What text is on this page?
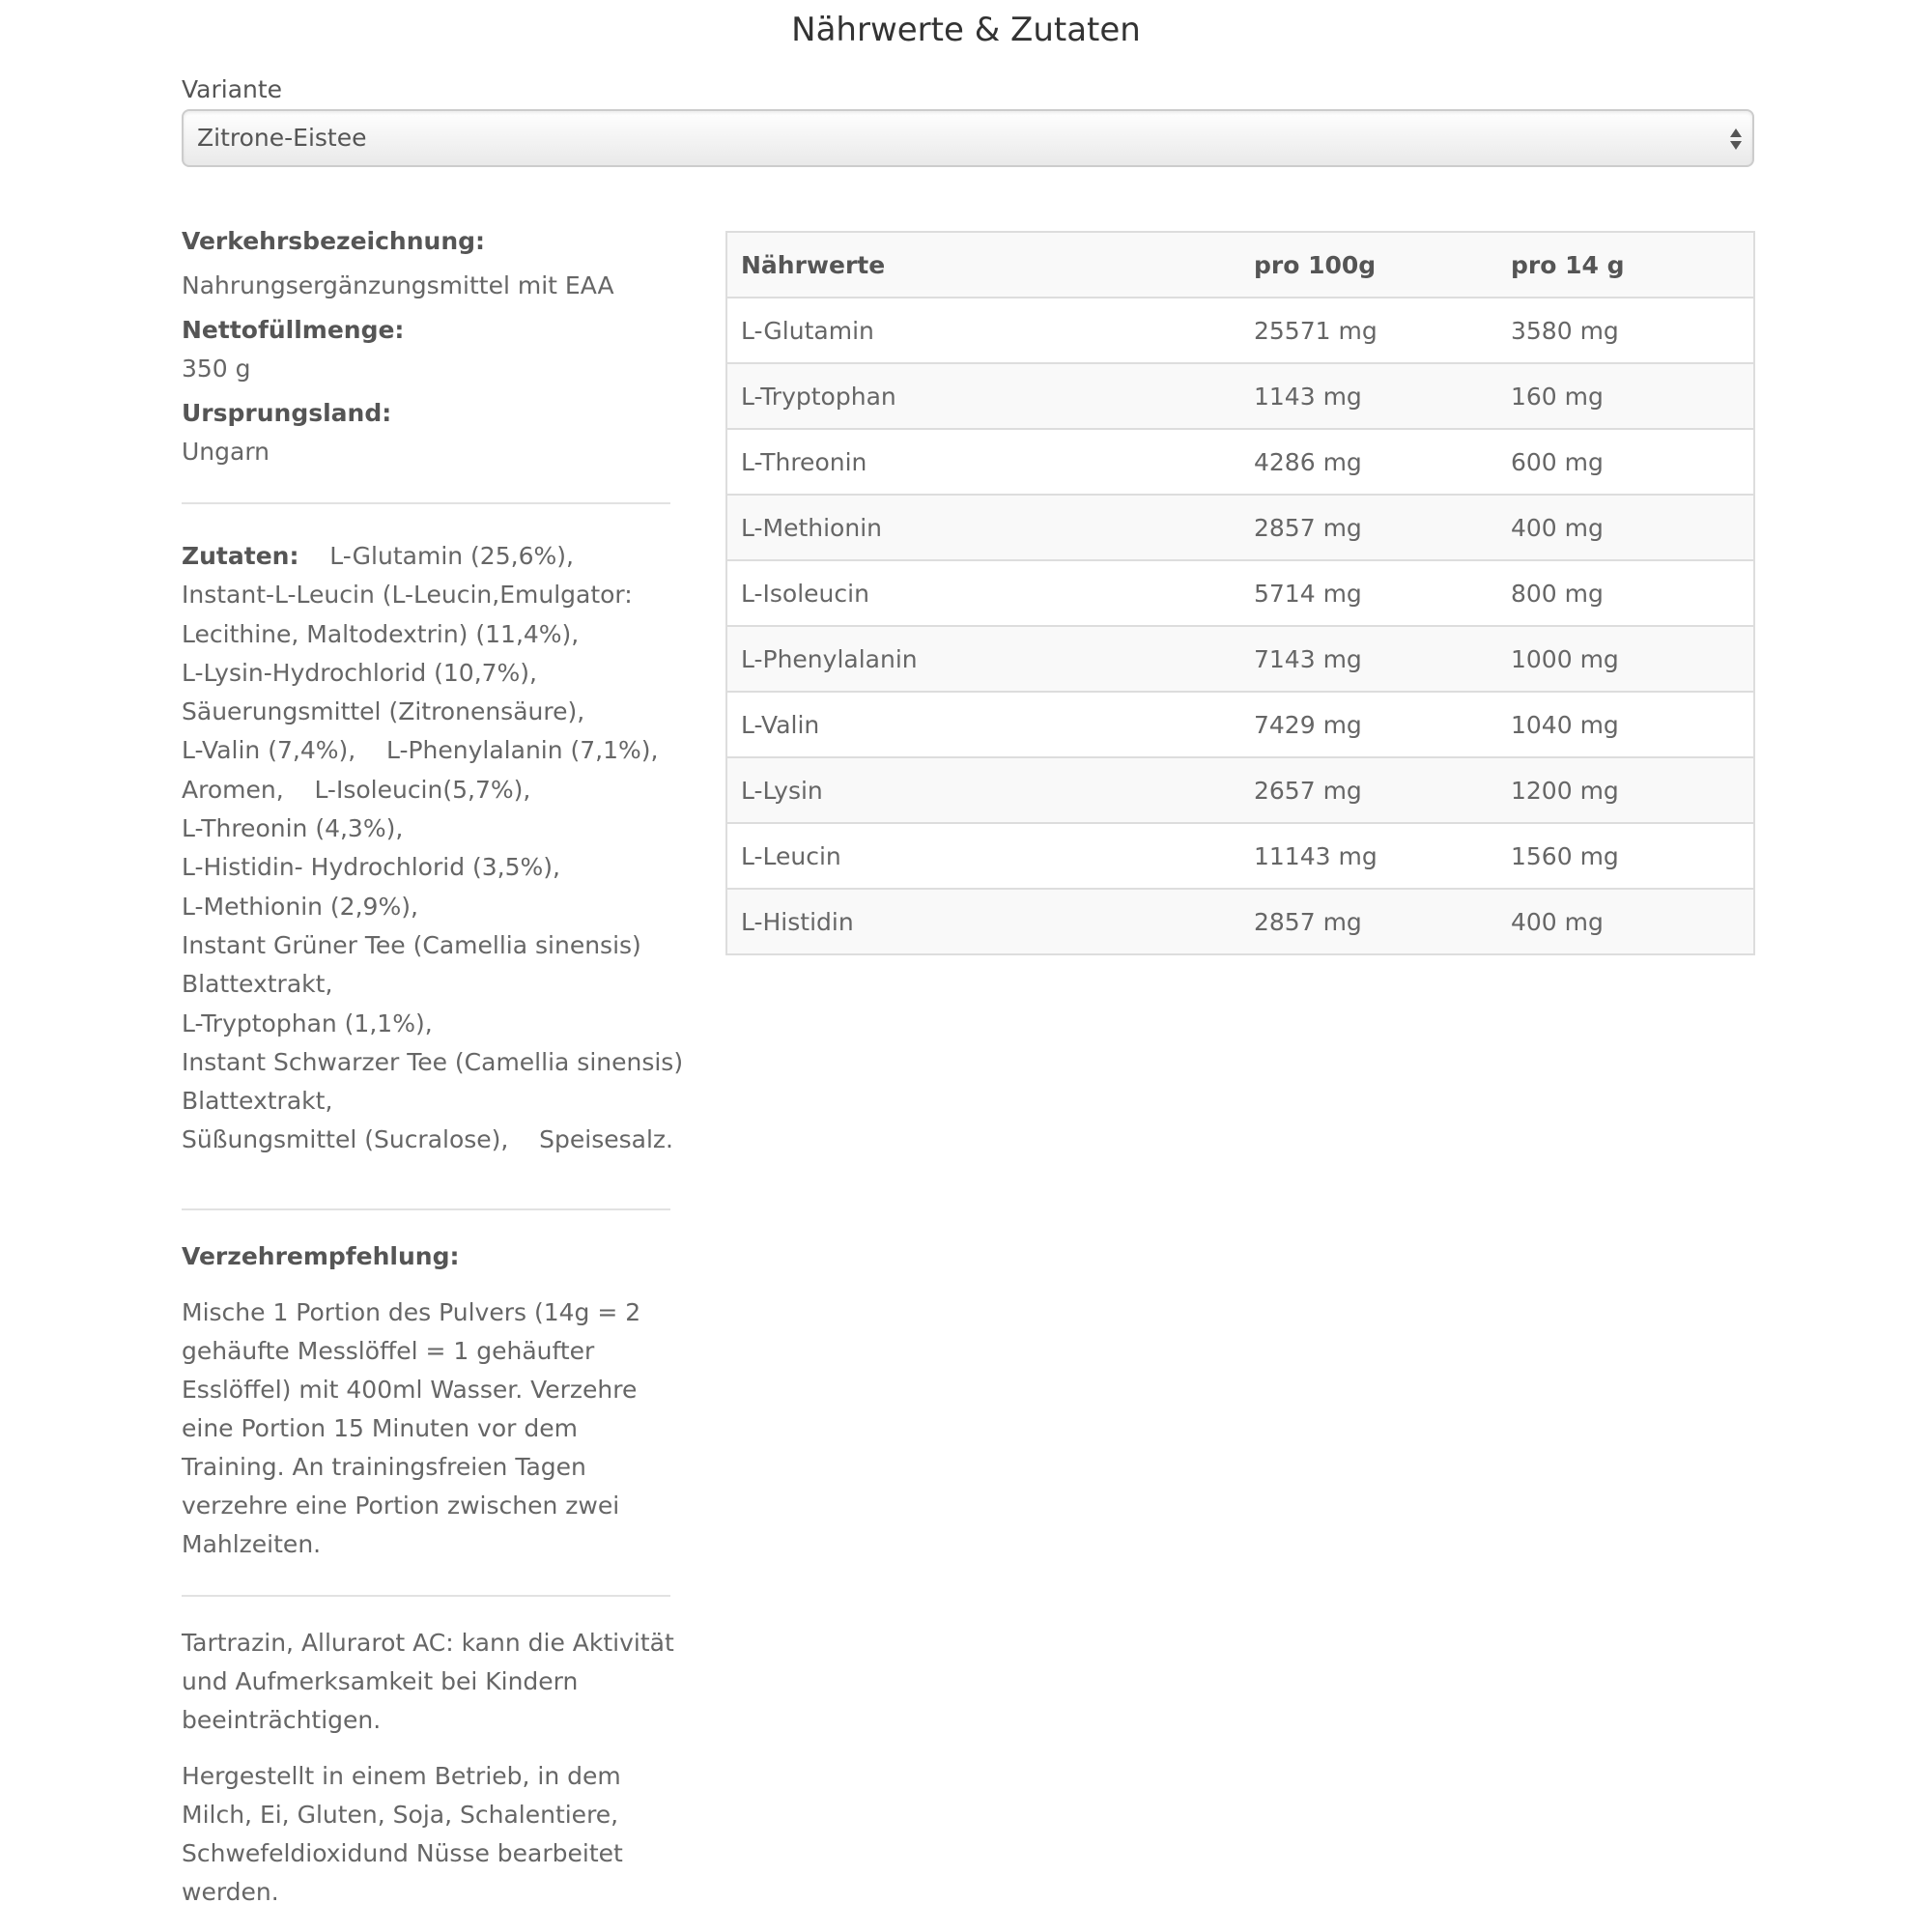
Nährwerte & Zutaten
Variante
Zitrone-Eistee

Verkehrsbezeichnung:

Nahrungsergänzungsmittel mit EAA

Nettofüllmenge:

350 g

Ursprungsland:

Ungarn

Zutaten: L-Glutamin (25,6%),
Instant-L-Leucin (L-Leucin,Emulgator:
Lecithine, Maltodextrin) (11,4%),
L-Lysin-Hydrochlorid (10,7%),
Säuerungsmittel (Zitronensäure),
L-Valin (7,4%),    L-Phenylalanin (7,1%),
Aromen,    L-Isoleucin(5,7%),
L-Threonin (4,3%),
L-Histidin- Hydrochlorid (3,5%),
L-Methionin (2,9%),
Instant Grüner Tee (Camellia sinensis)
Blattextrakt,
L-Tryptophan (1,1%),
Instant Schwarzer Tee (Camellia sinensis)
Blattextrakt,
Süßungsmittel (Sucralose),    Speisesalz.

Verzehrempfehlung:

Mische 1 Portion des Pulvers (14g = 2 gehäufte Messlöffel = 1 gehäufter Esslöffel) mit 400ml Wasser. Verzehre eine Portion 15 Minuten vor dem Training. An trainingsfreien Tagen verzehre eine Portion zwischen zwei Mahlzeiten.

Tartrazin, Allurarot AC: kann die Aktivität und Aufmerksamkeit bei Kindern beeinträchtigen.

Hergestellt in einem Betrieb, in dem Milch, Ei, Gluten, Soja, Schalentiere, Schwefeldioxidund Nüsse bearbeitet werden.

Nährwerte	pro 100g	pro 14 g
L-Glutamin	25571 mg	3580 mg
L-Tryptophan	1143 mg	160 mg
L-Threonin	4286 mg	600 mg
L-Methionin	2857 mg	400 mg
L-Isoleucin	5714 mg	800 mg
L-Phenylalanin	7143 mg	1000 mg
L-Valin	7429 mg	1040 mg
L-Lysin	2657 mg	1200 mg
L-Leucin	11143 mg	1560 mg
L-Histidin	2857 mg	400 mg
